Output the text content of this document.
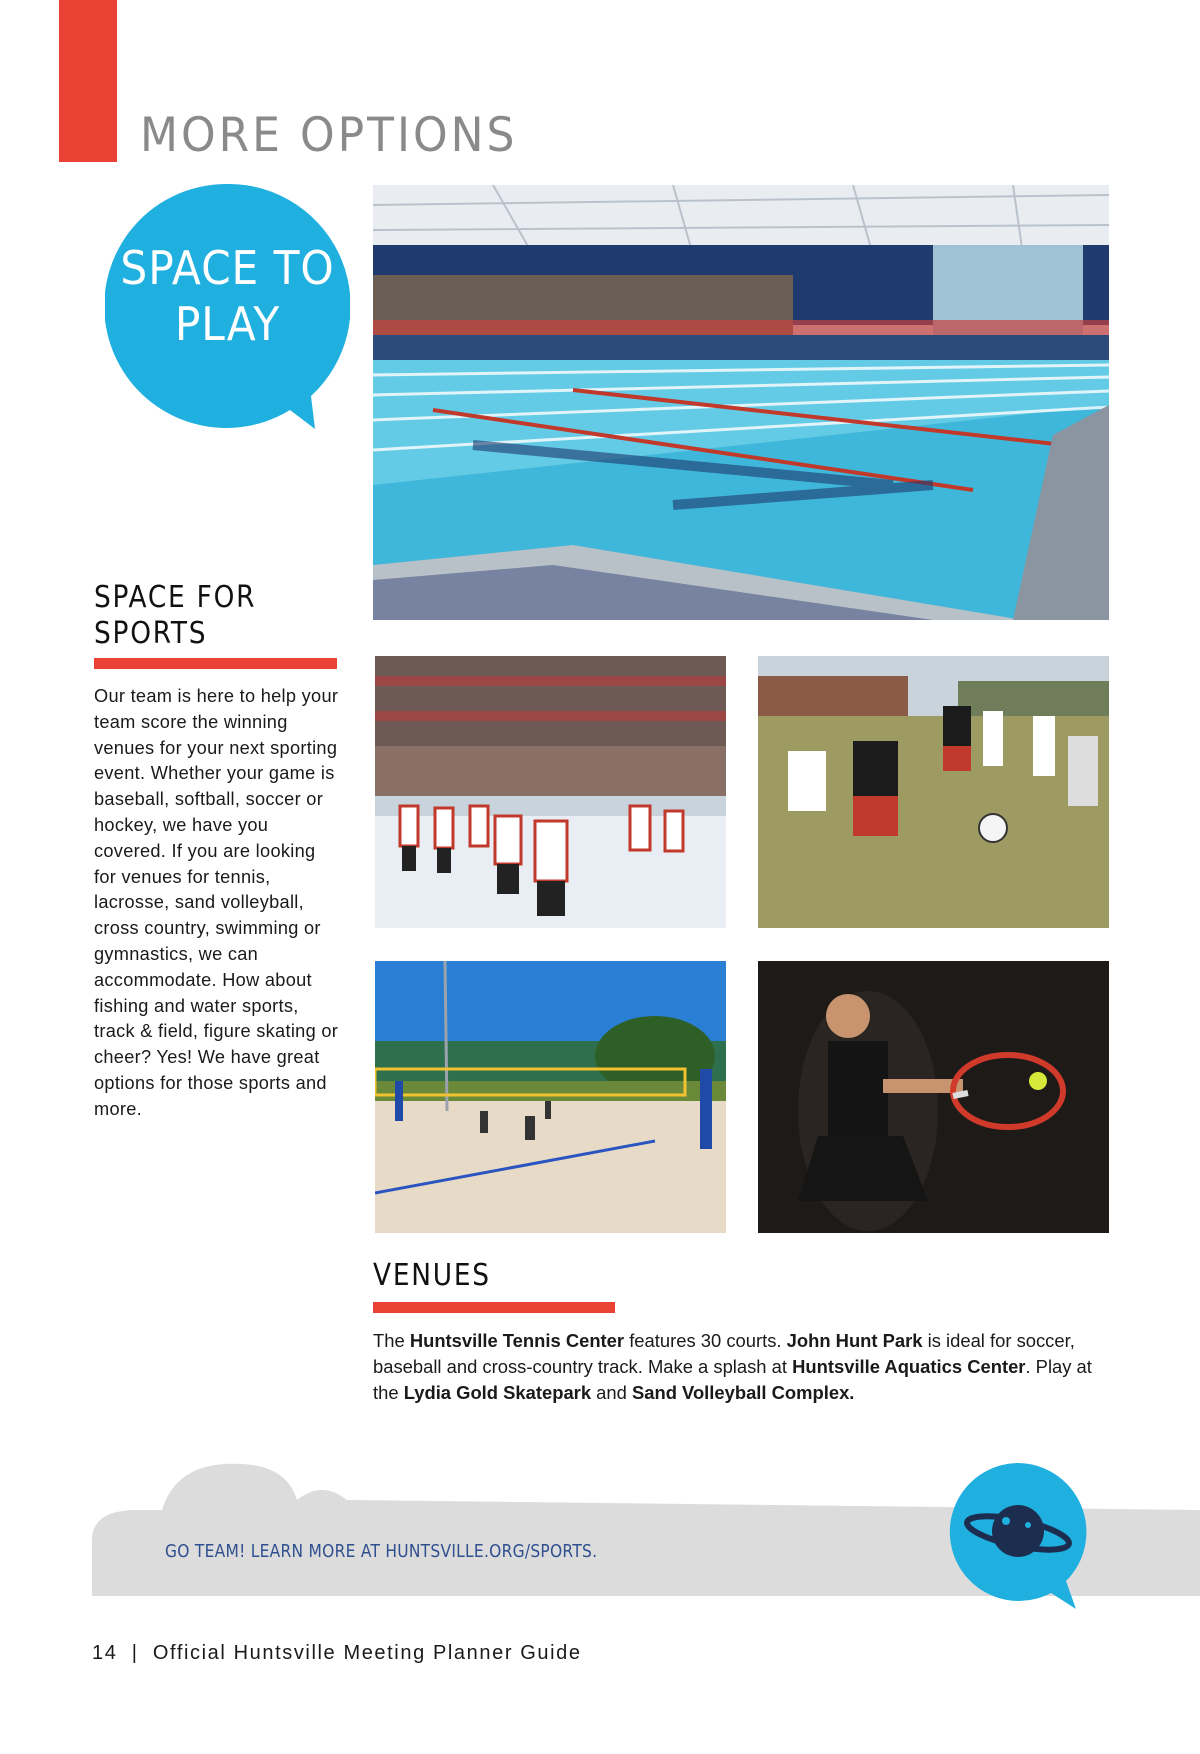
MORE OPTIONS
SPACE TO
PLAY
SPACE FOR
SPORTS
Our team is here to help your team score the winning venues for your next sporting event. Whether your game is baseball, softball, soccer or hockey, we have you covered. If you are looking for venues for tennis, lacrosse, sand volleyball, cross country, swimming or gymnastics, we can accommodate. How about fishing and water sports, track & field, figure skating or cheer? Yes! We have great options for those sports and more.
VENUES
The Huntsville Tennis Center features 30 courts. John Hunt Park is ideal for soccer, baseball and cross-country track. Make a splash at Huntsville Aquatics Center. Play at the Lydia Gold Skatepark and Sand Volleyball Complex.
GO TEAM! LEARN MORE AT HUNTSVILLE.ORG/SPORTS.
14  |  Official Huntsville Meeting Planner Guide
